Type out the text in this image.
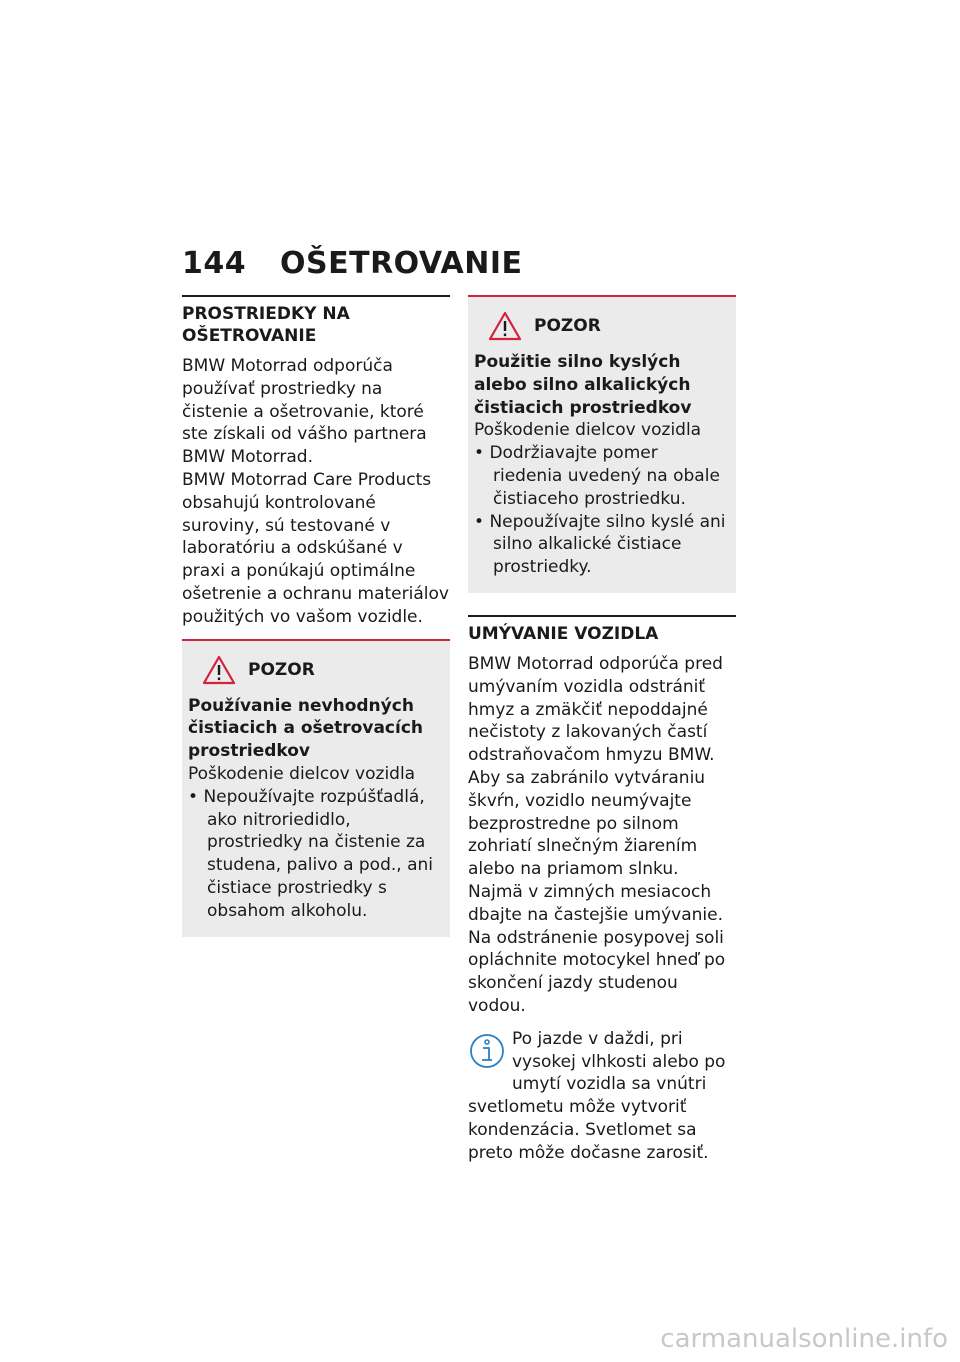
144 OŠETROVANIE
PROSTRIEDKY NA OŠETROVANIE
BMW Motorrad odporúča používať prostriedky na čistenie a ošetrovanie, ktoré ste získali od vášho partnera BMW Motorrad.
BMW Motorrad Care Products obsahujú kontrolované suroviny, sú testované v laboratóriu a odskúšané v praxi a ponúkajú optimálne ošetrenie a ochranu materiálov použitých vo vašom vozidle.
POZOR
Používanie nevhodných čistiacich a ošetrovacích prostriedkov
Poškodenie dielcov vozidla
• Nepoužívajte rozpúšťadlá, ako nitroriedidlo, prostriedky na čistenie za studena, palivo a pod., ani čistiace prostriedky s obsahom alkoholu.
POZOR
Použitie silno kyslých alebo silno alkalických čistiacich prostriedkov
Poškodenie dielcov vozidla
• Dodržiavajte pomer riedenia uvedený na obale čistiaceho prostriedku.
• Nepoužívajte silno kyslé ani silno alkalické čistiace prostriedky.
UMÝVANIE VOZIDLA
BMW Motorrad odporúča pred umývaním vozidla odstrániť hmyz a zmäkčiť nepoddajné nečistoty z lakovaných častí odstraňovačom hmyzu BMW.
Aby sa zabránilo vytváraniu škvŕn, vozidlo neumývajte bezprostredne po silnom zohriatí slnečným žiarením alebo na priamom slnku.
Najmä v zimných mesiacoch dbajte na častejšie umývanie.
Na odstránenie posypovej soli opláchnite motocykel hneď po skončení jazdy studenou vodou.
Po jazde v daždi, pri vysokej vlhkosti alebo po umytí vozidla sa vnútri svetlometu môže vytvoriť kondenzácia. Svetlomet sa preto môže dočasne zarosiť.
carmanualsonline.info
